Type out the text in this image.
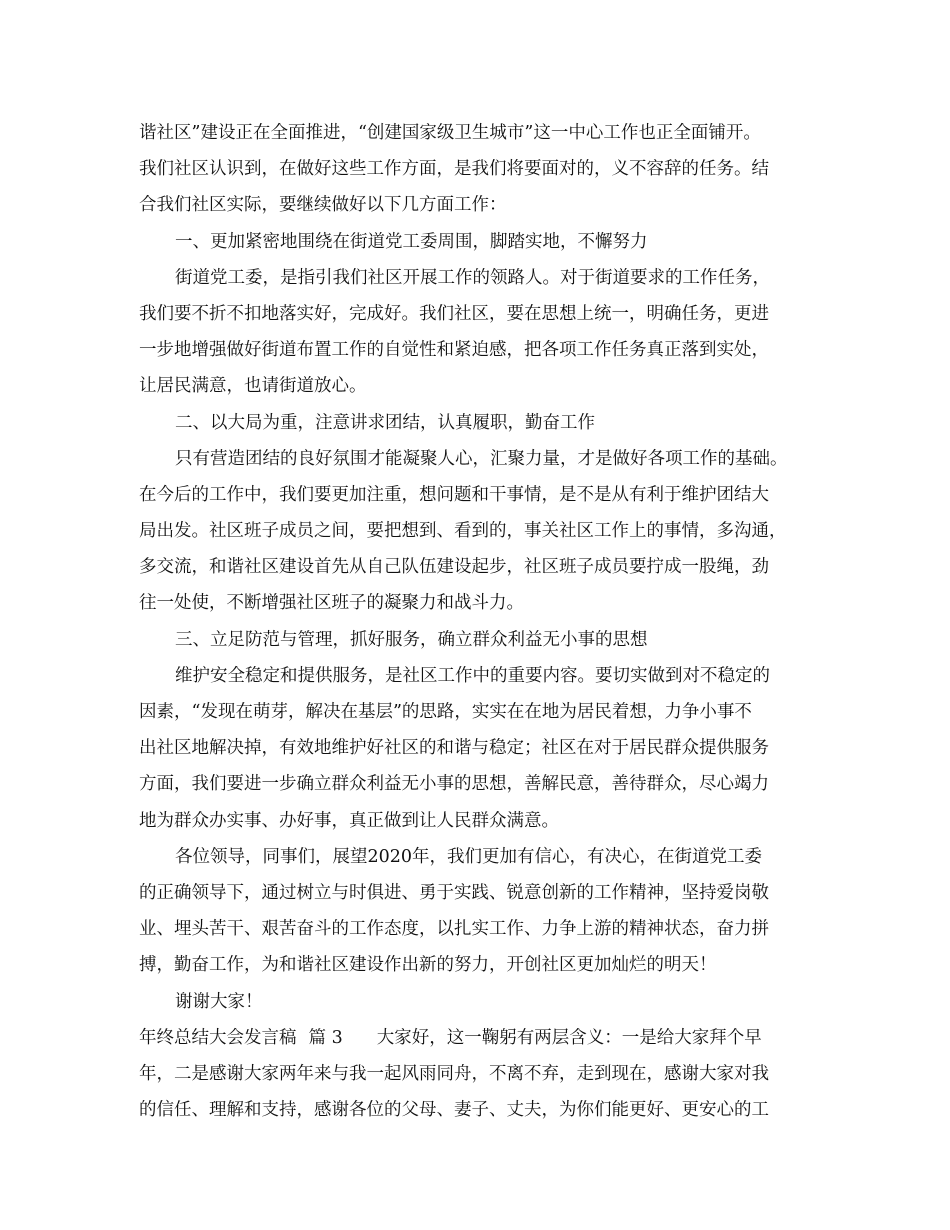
谐社区”建设正在全面推进，“创建国家级卫生城市”这一中心工作也正全面铺开。
我们社区认识到，在做好这些工作方面，是我们将要面对的，义不容辞的任务。结
合我们社区实际，要继续做好以下几方面工作：
一、更加紧密地围绕在街道党工委周围，脚踏实地，不懈努力
街道党工委，是指引我们社区开展工作的领路人。对于街道要求的工作任务，
我们要不折不扣地落实好，完成好。我们社区，要在思想上统一，明确任务，更进
一步地增强做好街道布置工作的自觉性和紧迫感，把各项工作任务真正落到实处，
让居民满意，也请街道放心。
二、以大局为重，注意讲求团结，认真履职，勤奋工作
只有营造团结的良好氛围才能凝聚人心，汇聚力量，才是做好各项工作的基础。
在今后的工作中，我们要更加注重，想问题和干事情，是不是从有利于维护团结大
局出发。社区班子成员之间，要把想到、看到的，事关社区工作上的事情，多沟通，
多交流，和谐社区建设首先从自己队伍建设起步，社区班子成员要拧成一股绳，劲
往一处使，不断增强社区班子的凝聚力和战斗力。
三、立足防范与管理，抓好服务，确立群众利益无小事的思想
维护安全稳定和提供服务，是社区工作中的重要内容。要切实做到对不稳定的
因素，“发现在萌芽，解决在基层”的思路，实实在在地为居民着想，力争小事不
出社区地解决掉，有效地维护好社区的和谐与稳定；社区在对于居民群众提供服务
方面，我们要进一步确立群众利益无小事的思想，善解民意，善待群众，尽心竭力
地为群众办实事、办好事，真正做到让人民群众满意。
各位领导，同事们，展望2020年，我们更加有信心，有决心，在街道党工委
的正确领导下，通过树立与时俱进、勇于实践、锐意创新的工作精神，坚持爱岗敬
业、埋头苦干、艰苦奋斗的工作态度，以扎实工作、力争上游的精神状态，奋力拼
搏，勤奋工作，为和谐社区建设作出新的努力，开创社区更加灿烂的明天！
谢谢大家！
年终总结大会发言稿 篇 3 大家好，这一鞠躬有两层含义：一是给大家拜个早
年，二是感谢大家两年来与我一起风雨同舟，不离不弃，走到现在，感谢大家对我
的信任、理解和支持，感谢各位的父母、妻子、丈夫，为你们能更好、更安心的工
